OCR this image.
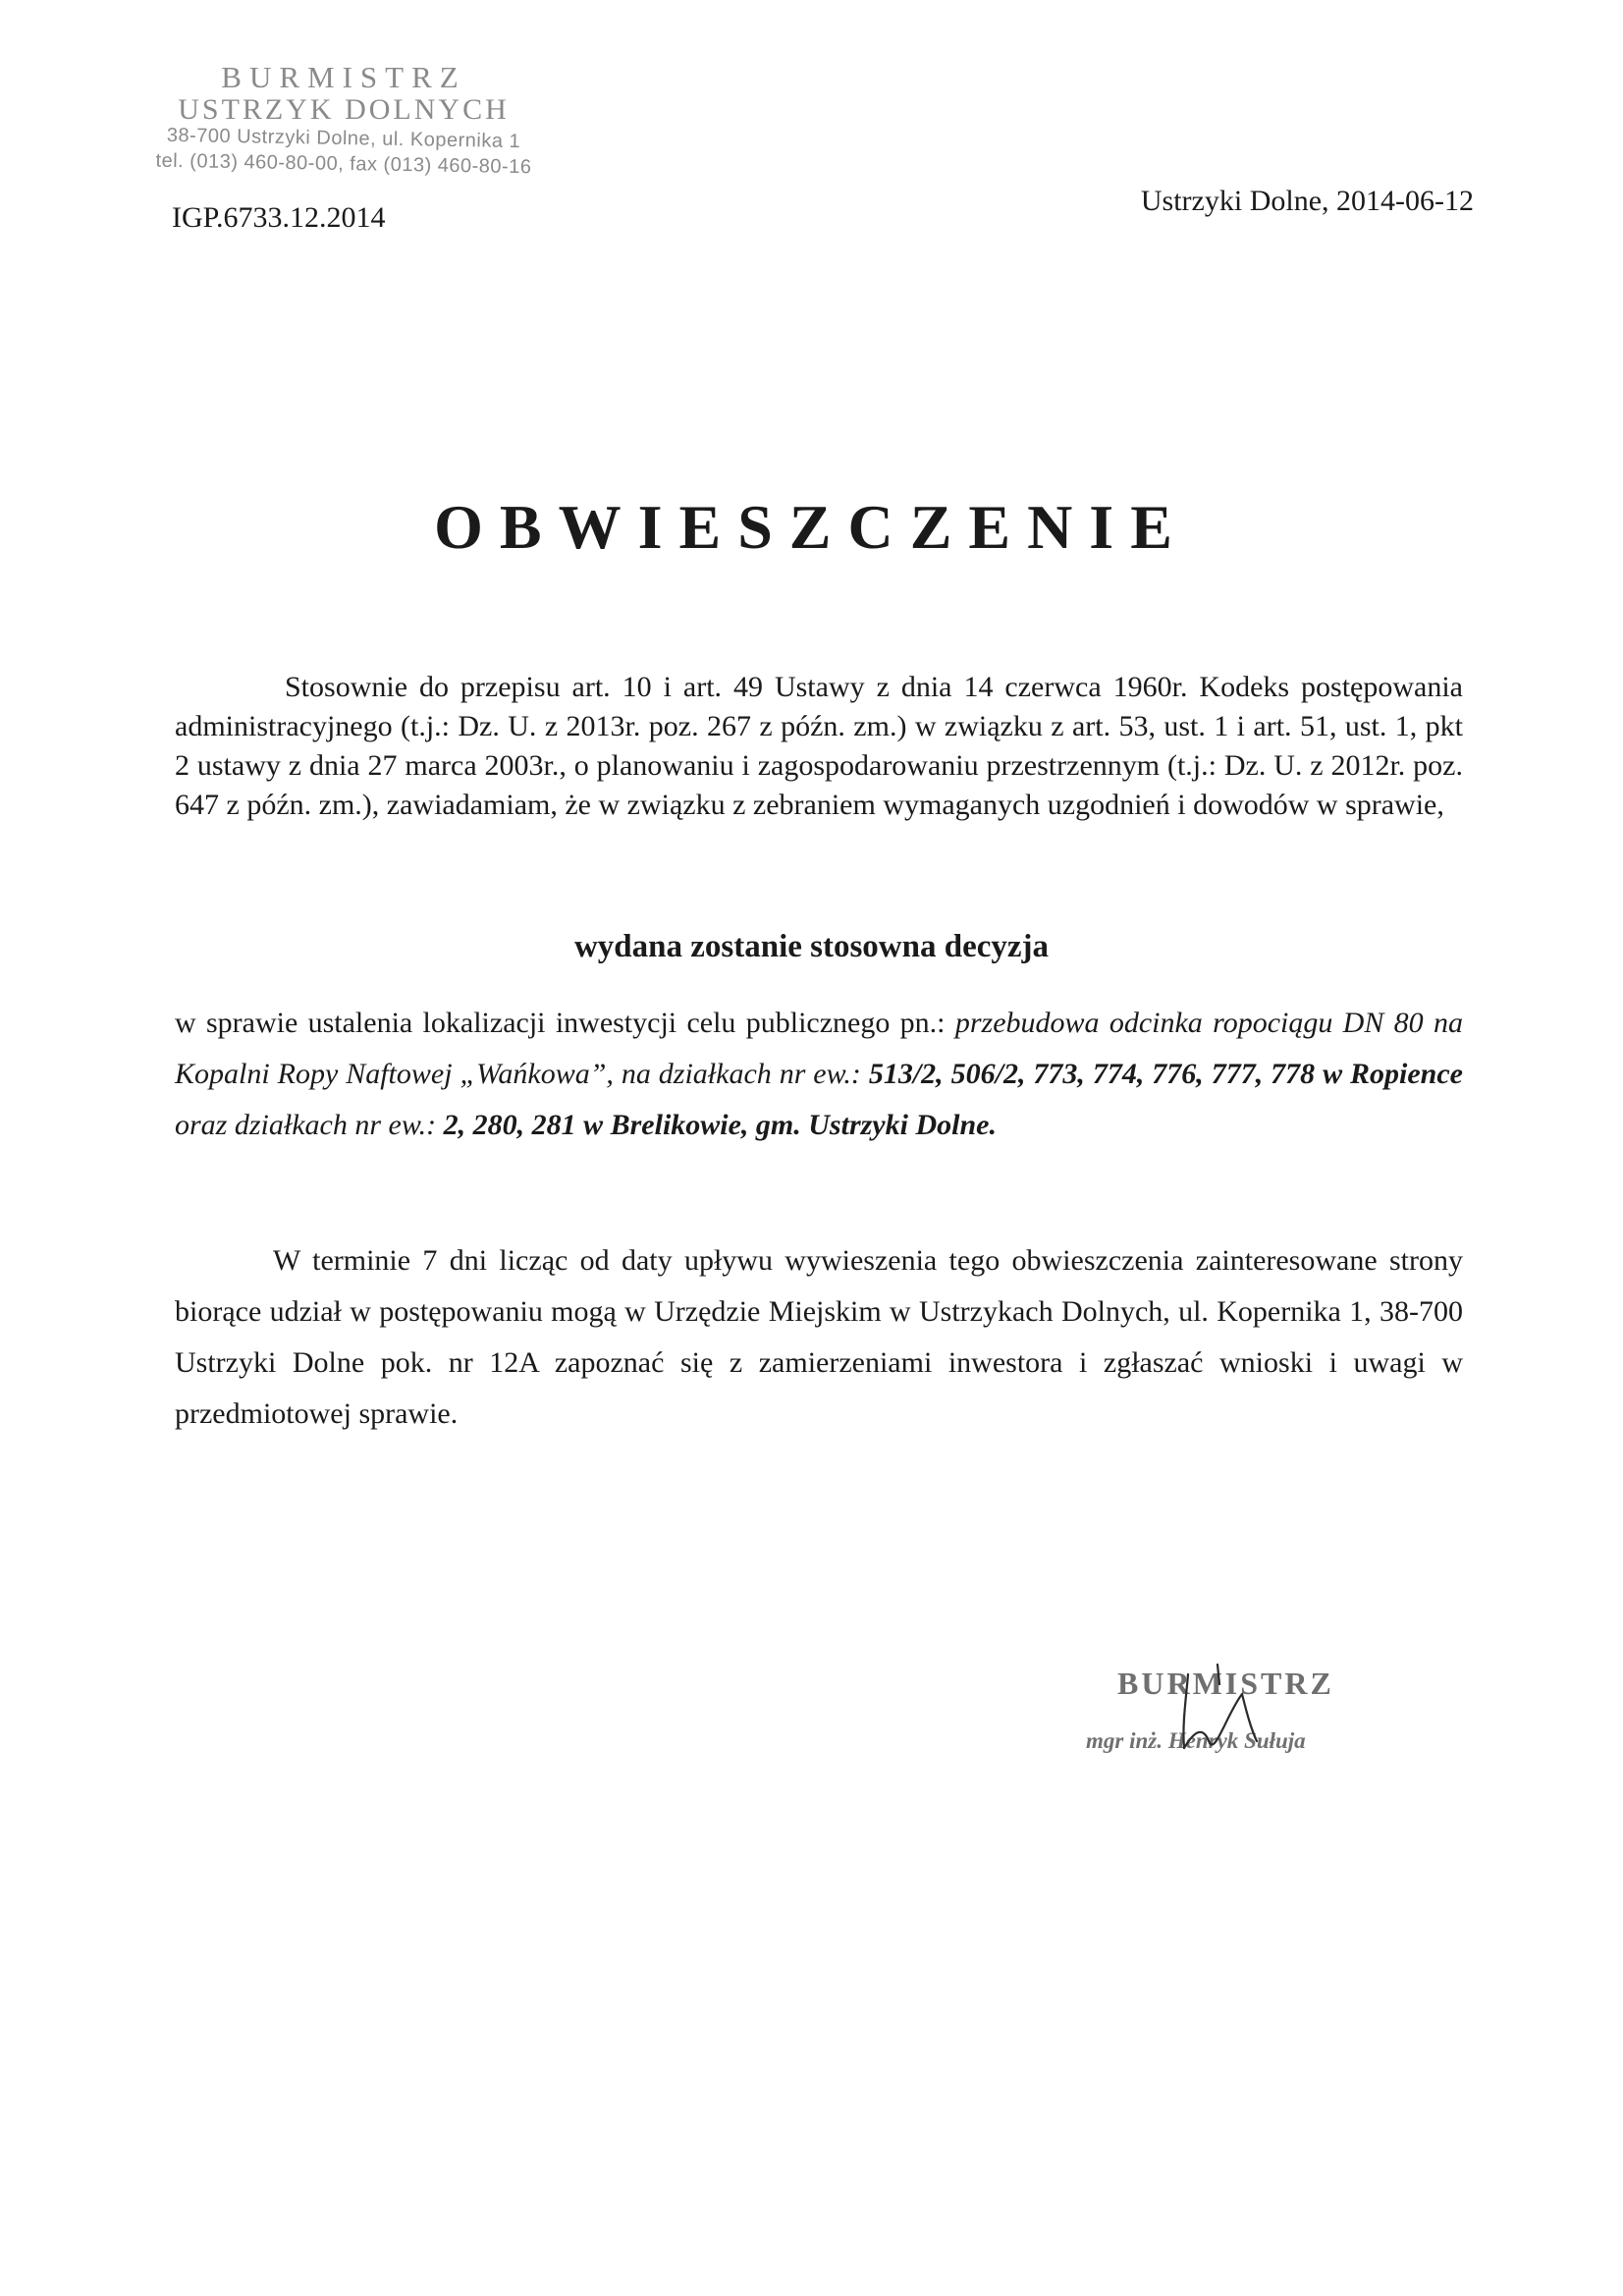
BURMISTRZ
USTRZYK DOLNYCH
38-700 Ustrzyki Dolne, ul. Kopernika 1
tel. (013) 460-80-00, fax (013) 460-80-16
IGP.6733.12.2014
Ustrzyki Dolne, 2014-06-12
OBWIESZCZENIE
Stosownie do przepisu art. 10 i art. 49 Ustawy z dnia 14 czerwca 1960r. Kodeks postępowania administracyjnego (t.j.: Dz. U. z 2013r. poz. 267 z późn. zm.) w związku z art. 53, ust. 1 i art. 51, ust. 1, pkt 2 ustawy z dnia 27 marca 2003r., o planowaniu i zagospodarowaniu przestrzennym (t.j.: Dz. U. z 2012r. poz. 647 z późn. zm.), zawiadamiam, że w związku z zebraniem wymaganych uzgodnień i dowodów w sprawie,
wydana zostanie stosowna decyzja
w sprawie ustalenia lokalizacji inwestycji celu publicznego pn.: przebudowa odcinka ropociągu DN 80 na Kopalni Ropy Naftowej „Wańkowa”, na działkach nr ew.: 513/2, 506/2, 773, 774, 776, 777, 778 w Ropience oraz działkach nr ew.: 2, 280, 281 w Brelikowie, gm. Ustrzyki Dolne.
W terminie 7 dni licząc od daty upływu wywieszenia tego obwieszczenia zainteresowane strony biorące udział w postępowaniu mogą w Urzędzie Miejskim w Ustrzykach Dolnych, ul. Kopernika 1, 38-700 Ustrzyki Dolne pok. nr 12A zapoznać się z zamierzeniami inwestora i zgłaszać wnioski i uwagi w przedmiotowej sprawie.
BURMISTRZ
mgr inż. Henryk Sułuja
